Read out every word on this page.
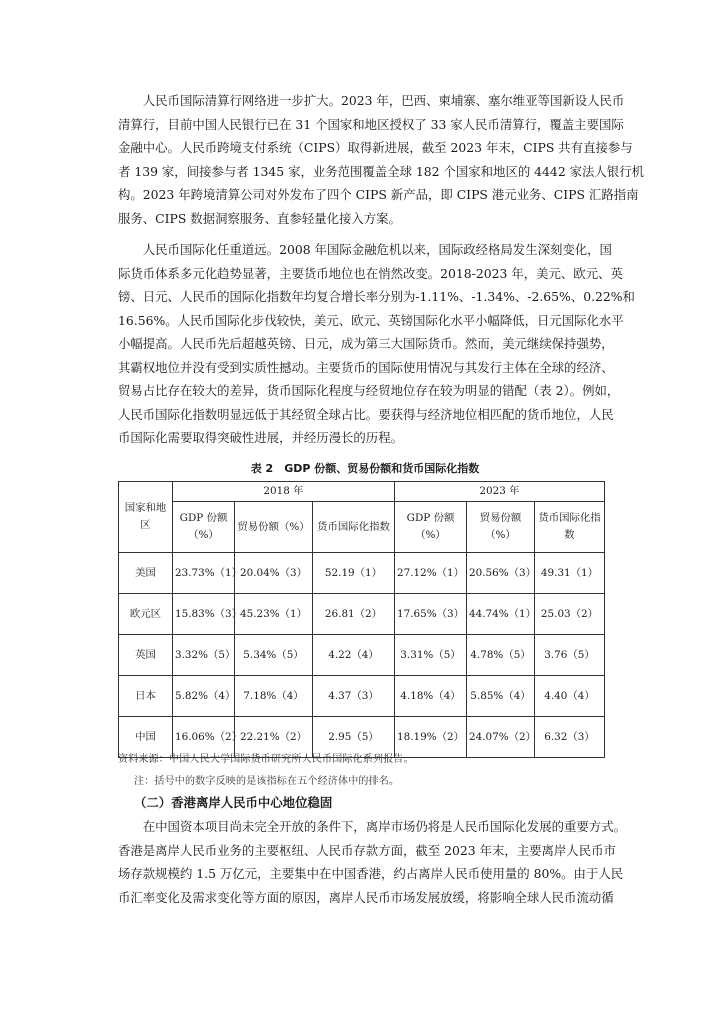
　　人民币国际清算行网络进一步扩大。2023 年，巴西、柬埔寨、塞尔维亚等国新设人民币
清算行，目前中国人民银行已在 31 个国家和地区授权了 33 家人民币清算行，覆盖主要国际
金融中心。人民币跨境支付系统（CIPS）取得新进展，截至 2023 年末，CIPS 共有直接参与
者 139 家，间接参与者 1345 家，业务范围覆盖全球 182 个国家和地区的 4442 家法人银行机
构。2023 年跨境清算公司对外发布了四个 CIPS 新产品，即 CIPS 港元业务、CIPS 汇路指南
服务、CIPS 数据洞察服务、直参轻量化接入方案。
　　人民币国际化任重道远。2008 年国际金融危机以来，国际政经格局发生深刻变化，国
际货币体系多元化趋势显著，主要货币地位也在悄然改变。2018-2023 年，美元、欧元、英
镑、日元、人民币的国际化指数年均复合增长率分别为-1.11%、-1.34%、-2.65%、0.22%和
16.56%。人民币国际化步伐较快，美元、欧元、英镑国际化水平小幅降低，日元国际化水平
小幅提高。人民币先后超越英镑、日元，成为第三大国际货币。然而，美元继续保持强势，
其霸权地位并没有受到实质性撼动。主要货币的国际使用情况与其发行主体在全球的经济、
贸易占比存在较大的差异，货币国际化程度与经贸地位存在较为明显的错配（表 2）。例如，
人民币国际化指数明显远低于其经贸全球占比。要获得与经济地位相匹配的货币地位，人民
币国际化需要取得突破性进展，并经历漫长的历程。
表 2　GDP 份额、贸易份额和货币国际化指数
国家和地区	2018 年			2023 年		
	GDP 份额（%）	贸易份额（%）	货币国际化指数	GDP 份额（%）	贸易份额（%）	货币国际化指数
美国	23.73%（1）	20.04%（3）	52.19（1）	27.12%（1）	20.56%（3）	49.31（1）
欧元区	15.83%（3）	45.23%（1）	26.81（2）	17.65%（3）	44.74%（1）	25.03（2）
英国	3.32%（5）	5.34%（5）	4.22（4）	3.31%（5）	4.78%（5）	3.76（5）
日本	5.82%（4）	7.18%（4）	4.37（3）	4.18%（4）	5.85%（4）	4.40（4）
中国	16.06%（2）	22.21%（2）	2.95（5）	18.19%（2）	24.07%（2）	6.32（3）
资料来源：中国人民大学国际货币研究所人民币国际化系列报告。
注：括号中的数字反映的是该指标在五个经济体中的排名。
（二）香港离岸人民币中心地位稳固
　　在中国资本项目尚未完全开放的条件下，离岸市场仍将是人民币国际化发展的重要方式。
香港是离岸人民币业务的主要枢纽、人民币存款方面，截至 2023 年末，主要离岸人民币市
场存款规模约 1.5 万亿元，主要集中在中国香港，约占离岸人民币使用量的 80%。由于人民
币汇率变化及需求变化等方面的原因，离岸人民币市场发展放缓，将影响全球人民币流动循
